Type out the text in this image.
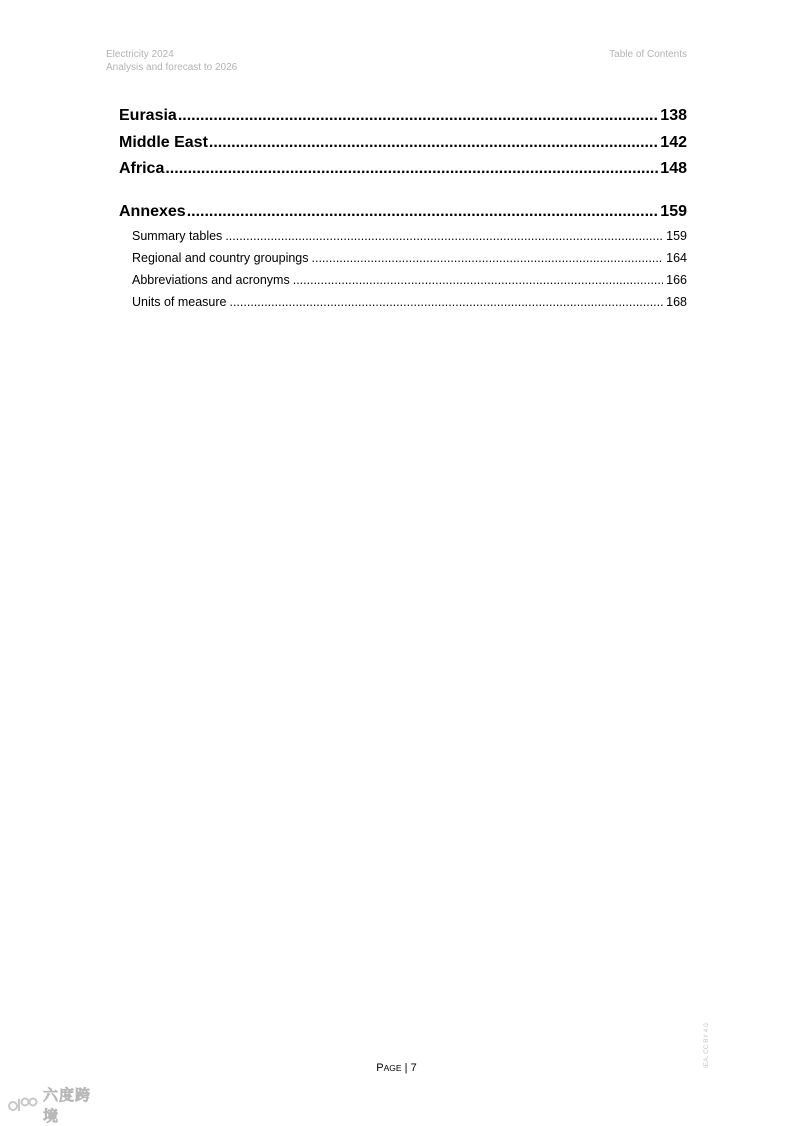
Electricity 2024
Analysis and forecast to 2026
Table of Contents
Eurasia .....	138
Middle East .....	142
Africa .....	148
Annexes .....	159
Summary tables .....	159
Regional and country groupings .....	164
Abbreviations and acronyms .....	166
Units of measure .....	168
PAGE | 7	IEA. CC BY 4.0.
六度跨境
